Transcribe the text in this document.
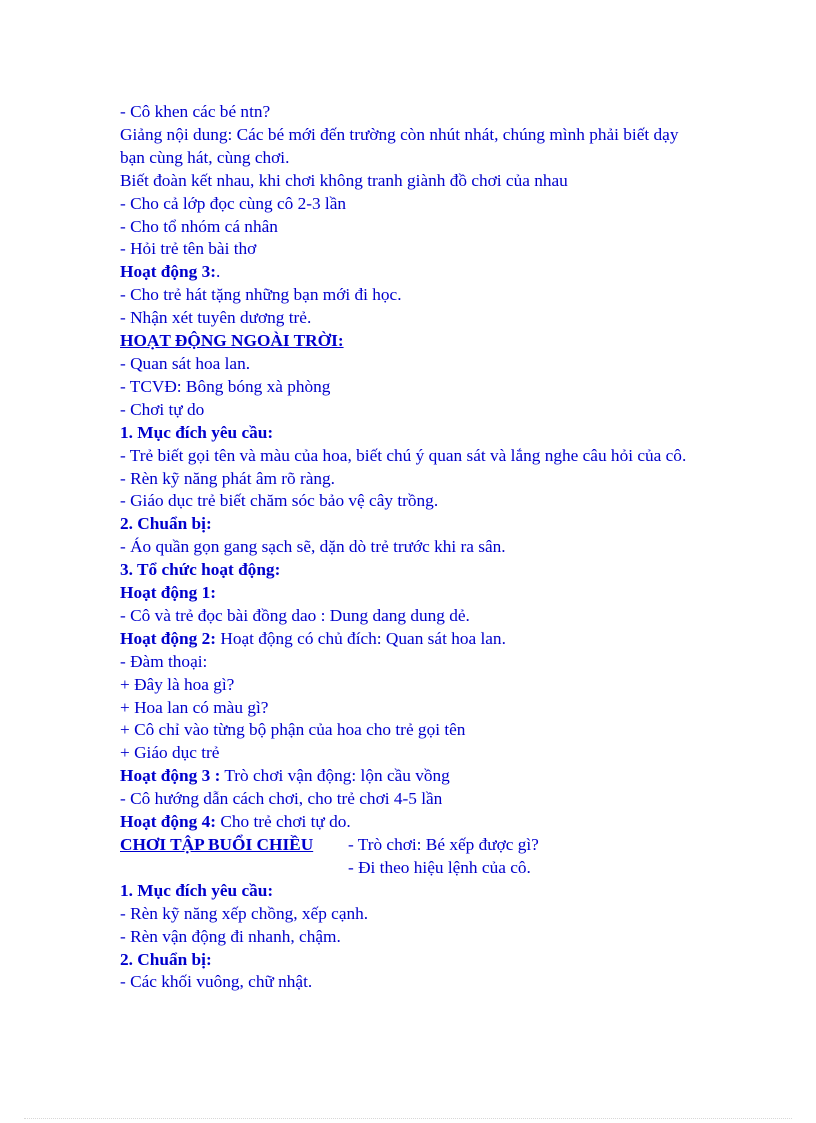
- Cô khen các bé ntn?

Giảng nội dung: Các bé mới đến trường còn nhút nhát, chúng mình phải biết dạy bạn cùng hát, cùng chơi.

Biết đoàn kết nhau, khi chơi không tranh giành đồ chơi của nhau

- Cho cả lớp đọc cùng cô 2-3 lần

- Cho tổ nhóm cá nhân

- Hỏi trẻ tên bài thơ

Hoạt động 3:.

- Cho trẻ hát tặng những bạn mới đi học.

- Nhận xét tuyên dương trẻ.

HOẠT ĐỘNG NGOÀI TRỜI:

- Quan sát hoa lan.

- TCVĐ: Bông bóng xà phòng

- Chơi tự do

1. Mục đích yêu cầu:

- Trẻ biết gọi tên và màu của hoa, biết chú ý quan sát và lắng nghe câu hỏi của cô.

- Rèn kỹ năng phát âm rõ ràng.

- Giáo dục trẻ biết chăm sóc bảo vệ cây trồng.

2. Chuẩn bị:

- Áo quần gọn gang sạch sẽ, dặn dò trẻ trước khi ra sân.

3. Tổ chức hoạt động:

Hoạt động 1:

- Cô và trẻ đọc bài đồng dao : Dung dang dung dẻ.

Hoạt động 2: Hoạt động có chủ đích: Quan sát hoa lan.

- Đàm thoại:

+ Đây là hoa gì?

+ Hoa lan có màu gì?

+ Cô chỉ vào từng bộ phận của hoa cho trẻ gọi tên

+ Giáo dục trẻ

Hoạt động 3 : Trò chơi vận động: lộn cầu vồng

- Cô hướng dẫn cách chơi, cho trẻ chơi 4-5 lần

Hoạt động 4: Cho trẻ chơi tự do.

CHƠI TẬP BUỔI CHIỀU	- Trò chơi: Bé xếp được gì?

- Đi theo hiệu lệnh của cô.

1. Mục đích yêu cầu:

- Rèn kỹ năng xếp chồng, xếp cạnh.

- Rèn vận động đi nhanh, chậm.

2. Chuẩn bị:

- Các khối vuông, chữ nhật.
